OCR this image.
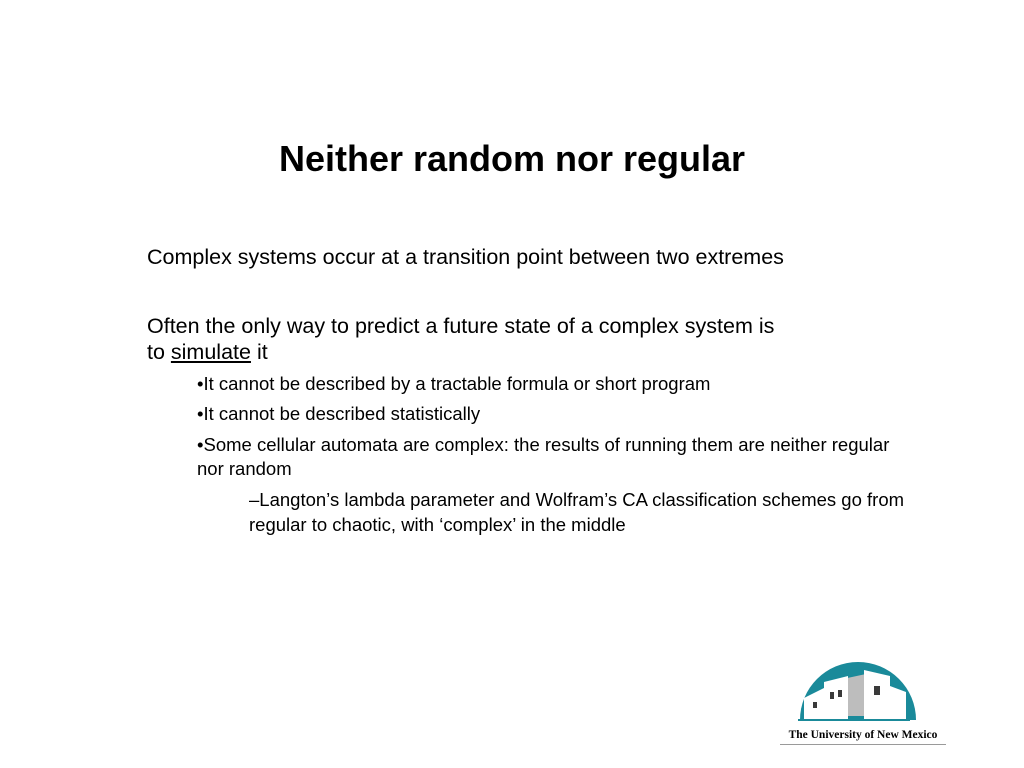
Neither random nor regular

Complex systems occur at a transition point between two extremes

Often the only way to predict a future state of a complex system is
to simulate it

•It cannot be described by a tractable formula or short program

•It cannot be described statistically

•Some cellular automata are complex: the results of running them are neither regular nor random

–Langton’s lambda parameter and Wolfram’s CA classification schemes go from regular to chaotic, with ‘complex’ in the middle

The University of New Mexico
